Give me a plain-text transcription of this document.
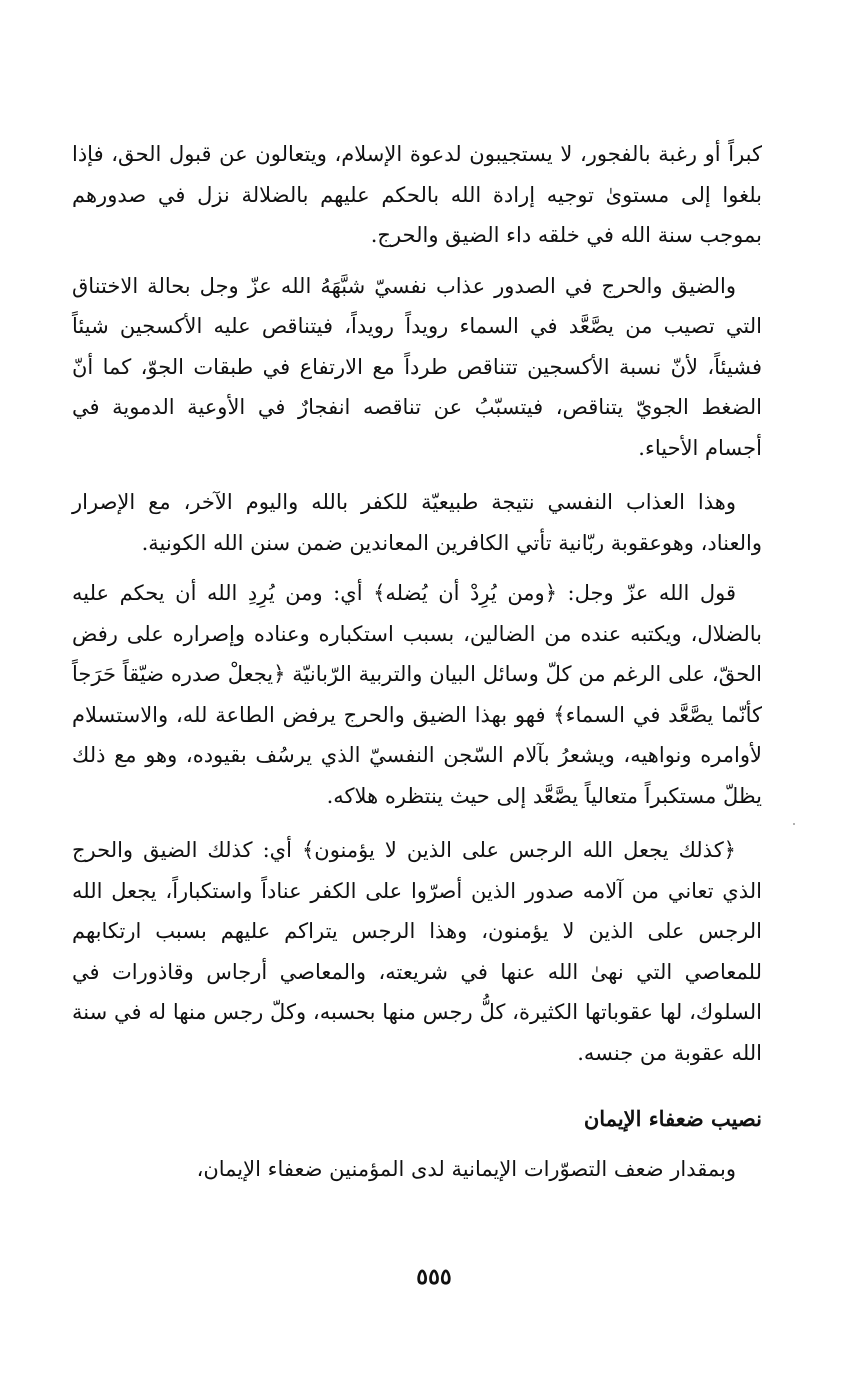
كبراً أو رغبة بالفجور، لا يستجيبون لدعوة الإسلام، ويتعالون عن قبول الحق، فإذا بلغوا إلى مستوىٰ توجيه إرادة الله بالحكم عليهم بالضلالة نزل في صدورهم بموجب سنة الله في خلقه داء الضيق والحرج.

والضيق والحرج في الصدور عذاب نفسيّ شبَّهَهُ الله عزّ وجل بحالة الاختناق التي تصيب من يصَّعَّد في السماء رويداً رويداً، فيتناقص عليه الأكسجين شيئاً فشيئاً، لأنّ نسبة الأكسجين تتناقص طرداً مع الارتفاع في طبقات الجوّ، كما أنّ الضغط الجويّ يتناقص، فيتسبّبُ عن تناقصه انفجارٌ في الأوعية الدموية في أجسام الأحياء.

وهذا العذاب النفسي نتيجة طبيعيّة للكفر بالله واليوم الآخر، مع الإصرار والعناد، وهوعقوبة ربّانية تأتي الكافرين المعاندين ضمن سنن الله الكونية.

قول الله عزّ وجل: ﴿ومن يُرِدْ أن يُضله﴾ أي: ومن يُرِدِ الله أن يحكم عليه بالضلال، ويكتبه عنده من الضالين، بسبب استكباره وعناده وإصراره على رفض الحقّ، على الرغم من كلّ وسائل البيان والتربية الرّبانيّة ﴿يجعلْ صدره ضيّقاً حَرَجاً كأنّما يصَّعَّد في السماء﴾ فهو بهذا الضيق والحرج يرفض الطاعة لله، والاستسلام لأوامره ونواهيه، ويشعرُ بآلام السّجن النفسيّ الذي يرسُف بقيوده، وهو مع ذلك يظلّ مستكبراً متعالياً يصَّعَّد إلى حيث ينتظره هلاكه.

﴿كذلك يجعل الله الرجس على الذين لا يؤمنون﴾ أي: كذلك الضيق والحرج الذي تعاني من آلامه صدور الذين أصرّوا على الكفر عناداً واستكباراً، يجعل الله الرجس على الذين لا يؤمنون، وهذا الرجس يتراكم عليهم بسبب ارتكابهم للمعاصي التي نهىٰ الله عنها في شريعته، والمعاصي أرجاس وقاذورات في السلوك، لها عقوباتها الكثيرة، كلُّ رجس منها بحسبه، وكلّ رجس منها له في سنة الله عقوبة من جنسه.

نصيب ضعفاء الإيمان

وبمقدار ضعف التصوّرات الإيمانية لدى المؤمنين ضعفاء الإيمان،

٥٥٥
